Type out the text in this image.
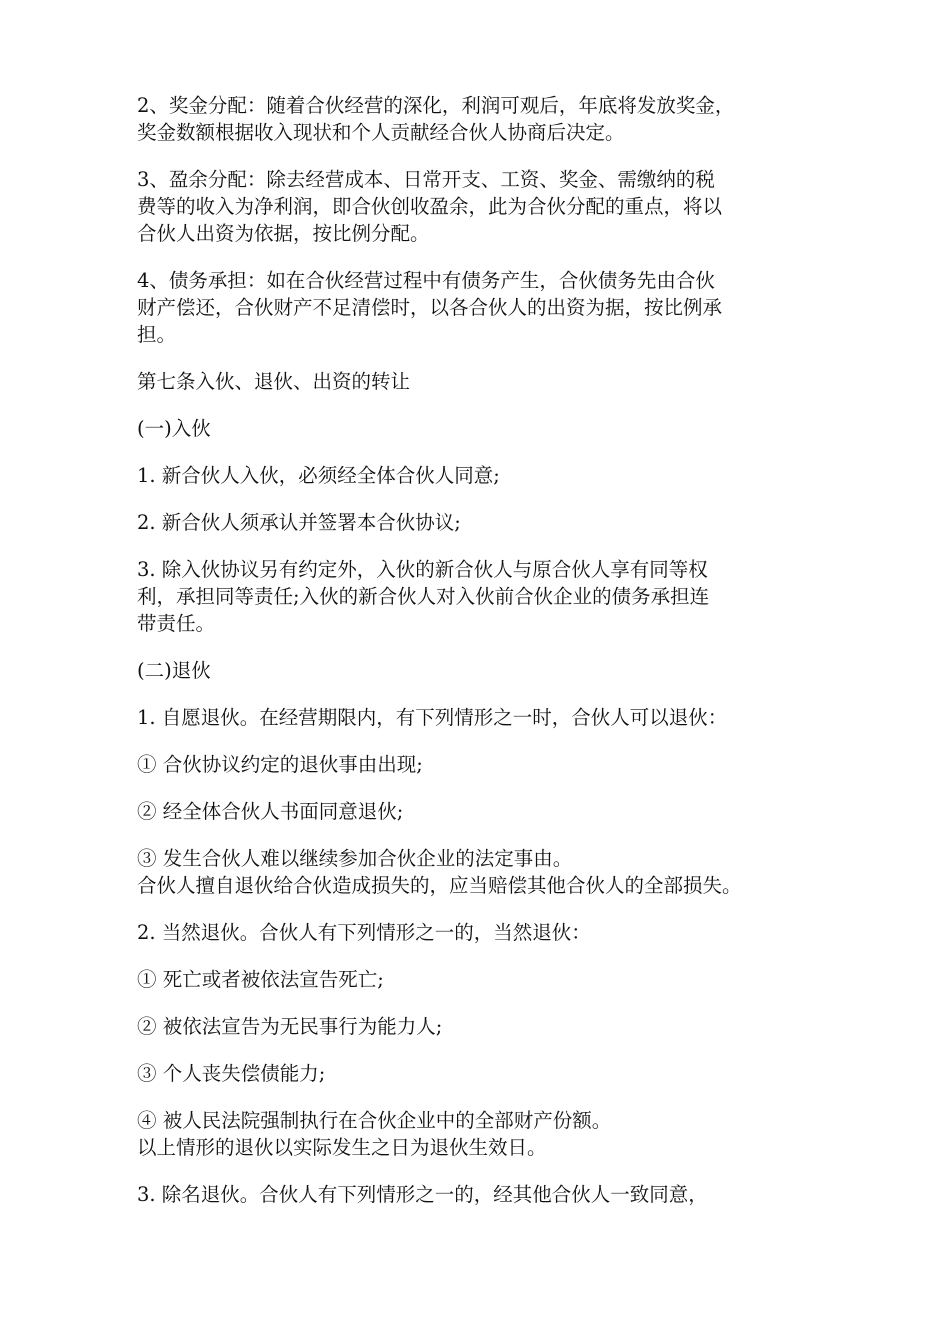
2、奖金分配：随着合伙经营的深化，利润可观后，年底将发放奖金，
奖金数额根据收入现状和个人贡献经合伙人协商后决定。

3、盈余分配：除去经营成本、日常开支、工资、奖金、需缴纳的税
费等的收入为净利润，即合伙创收盈余，此为合伙分配的重点，将以
合伙人出资为依据，按比例分配。

4、债务承担：如在合伙经营过程中有债务产生，合伙债务先由合伙
财产偿还，合伙财产不足清偿时，以各合伙人的出资为据，按比例承
担。

第七条入伙、退伙、出资的转让

(一)入伙

1. 新合伙人入伙，必须经全体合伙人同意;

2. 新合伙人须承认并签署本合伙协议;

3. 除入伙协议另有约定外，入伙的新合伙人与原合伙人享有同等权
利，承担同等责任;入伙的新合伙人对入伙前合伙企业的债务承担连
带责任。

(二)退伙

1. 自愿退伙。在经营期限内，有下列情形之一时，合伙人可以退伙：

① 合伙协议约定的退伙事由出现;

② 经全体合伙人书面同意退伙;

③ 发生合伙人难以继续参加合伙企业的法定事由。
合伙人擅自退伙给合伙造成损失的，应当赔偿其他合伙人的全部损失。

2. 当然退伙。合伙人有下列情形之一的，当然退伙：

① 死亡或者被依法宣告死亡;

② 被依法宣告为无民事行为能力人;

③ 个人丧失偿债能力;

④ 被人民法院强制执行在合伙企业中的全部财产份额。
以上情形的退伙以实际发生之日为退伙生效日。

3. 除名退伙。合伙人有下列情形之一的，经其他合伙人一致同意，
